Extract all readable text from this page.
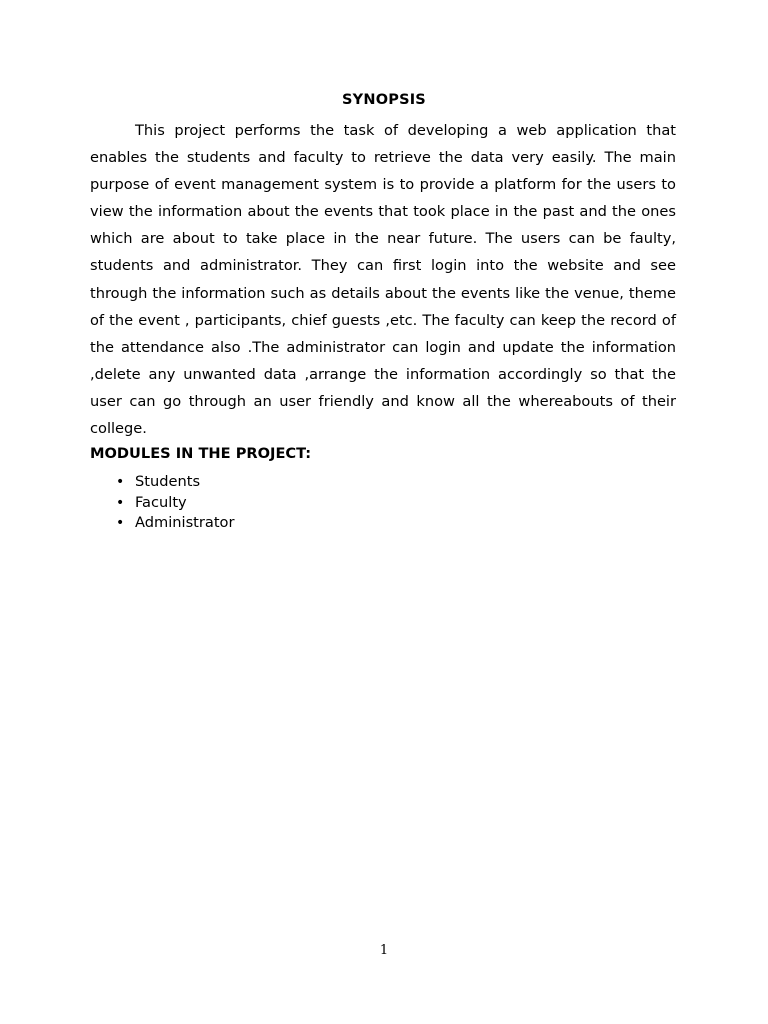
SYNOPSIS

This project performs the task of developing a web application that enables the students and faculty to retrieve the data very easily. The main purpose of event management system is to provide a platform for the users to view the information about the events that took place in the past and the ones which are about to take place in the near future. The users can be faulty, students and administrator. They can first login into the website and see through the information such as details about the events like the venue, theme of the event , participants, chief guests ,etc. The faculty can keep the record of the attendance also .The administrator can login and update the information ,delete any unwanted data ,arrange the information accordingly so that the user can go through an user friendly and know all the whereabouts of their college.

MODULES IN THE PROJECT:

• Students
• Faculty
• Administrator
1
